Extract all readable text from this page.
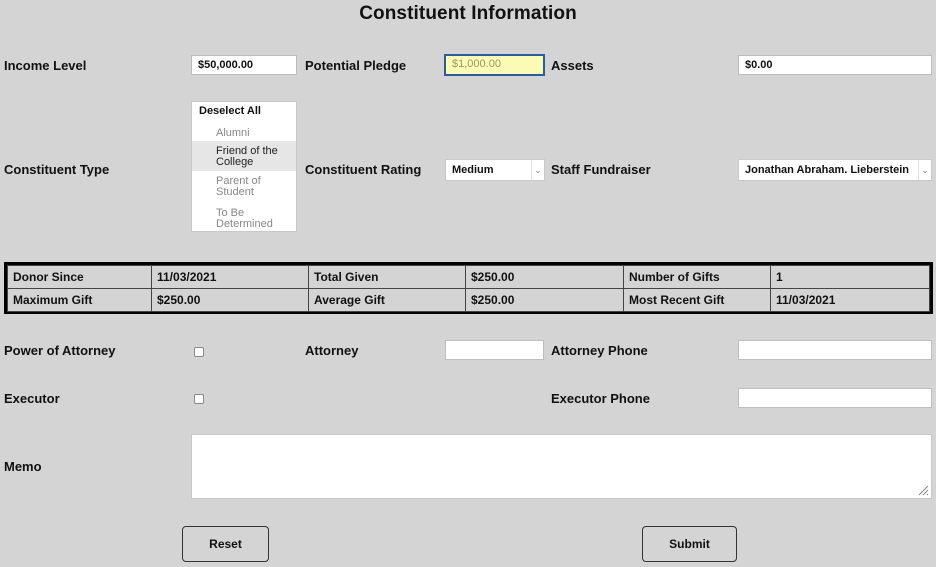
Constituent Information
Income Level	$50,000.00	Potential Pledge	$1,000.00	Assets	$0.00
Constituent Type
Deselect All
Alumni
Friend of the College
Parent of Student
To Be Determined
Constituent Rating	Medium	⌄ Staff Fundraiser	Jonathan Abraham. Lieberstein	⌄
Donor Since	11/03/2021	Total Given	$250.00	Number of Gifts	1
Maximum Gift	$250.00	Average Gift	$250.00	Most Recent Gift	11/03/2021
Power of Attorney	Attorney	Attorney Phone
Executor	Executor Phone
Memo
Reset	Submit
